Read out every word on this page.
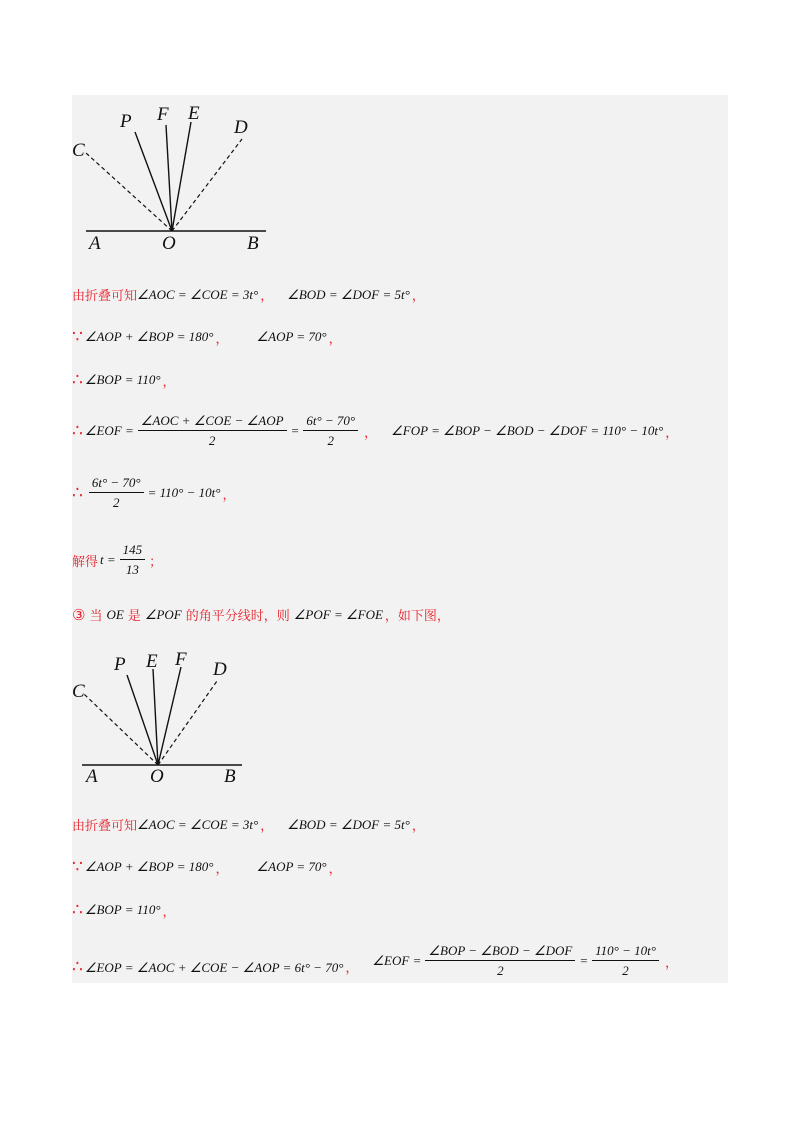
P F E
D
C
A	O	B
由折叠可知 ∠AOC = ∠COE = 3t° ， ∠BOD = ∠DOF = 5t° ，
∵ ∠AOP + ∠BOP = 180° ， ∠AOP = 70° ，
∴ ∠BOP = 110° ，
∴ ∠EOF = $\frac{\text{∠AOC + ∠COE − ∠AOP}}{2} = \frac{6t^\circ - 70^\circ}{2}$ ， ∠FOP = ∠BOP − ∠BOD − ∠DOF = 110° − 10t° ，
∴ $\frac{6t^\circ - 70^\circ}{2} = 110^\circ - 10t^\circ$ ，
解得 $t = \frac{145}{13}$ ；
③ 当 OE 是 ∠POF 的角平分线时，则 ∠POF = ∠FOE ，如下图，
P E F D
C
A	O	B
由折叠可知 ∠AOC = ∠COE = 3t° ， ∠BOD = ∠DOF = 5t° ，
∵ ∠AOP + ∠BOP = 180° ， ∠AOP = 70° ，
∴ ∠BOP = 110° ，
∴ ∠EOP = ∠AOC + ∠COE − ∠AOP = 6t° − 70° ，
∠EOF = $\frac{\text{∠BOP − ∠BOD − ∠DOF}}{2} = \frac{110^\circ - 10t^\circ}{2}$ ，
